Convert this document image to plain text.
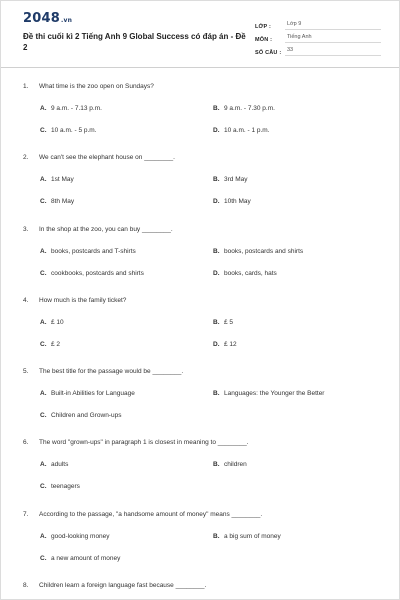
2048.vn
Đề thi cuối kì 2 Tiếng Anh 9 Global Success có đáp án - Đề 2
LỚP :	Lớp 9
MÔN :	Tiếng Anh
SỐ CÂU :	33
1. What time is the zoo open on Sundays?
A. 9 a.m. - 7.13 p.m.	B. 9 a.m. - 7.30 p.m.
C. 10 a.m. - 5 p.m.	D. 10 a.m. - 1 p.m.
2. We can't see the elephant house on ________.
A. 1st May	B. 3rd May
C. 8th May	D. 10th May
3. In the shop at the zoo, you can buy ________.
A. books, postcards and T-shirts	B. books, postcards and shirts
C. cookbooks, postcards and shirts	D. books, cards, hats
4. How much is the family ticket?
A. £ 10	B. £ 5
C. £ 2	D. £ 12
5. The best title for the passage would be ________.
A. Built-in Abilities for Language	B. Languages: the Younger the Better
C. Children and Grown-ups
6. The word "grown-ups" in paragraph 1 is closest in meaning to ________.
A. adults	B. children
C. teenagers
7. According to the passage, "a handsome amount of money" means ________.
A. good-looking money	B. a big sum of money
C. a new amount of money
8. Children learn a foreign language fast because ________.
